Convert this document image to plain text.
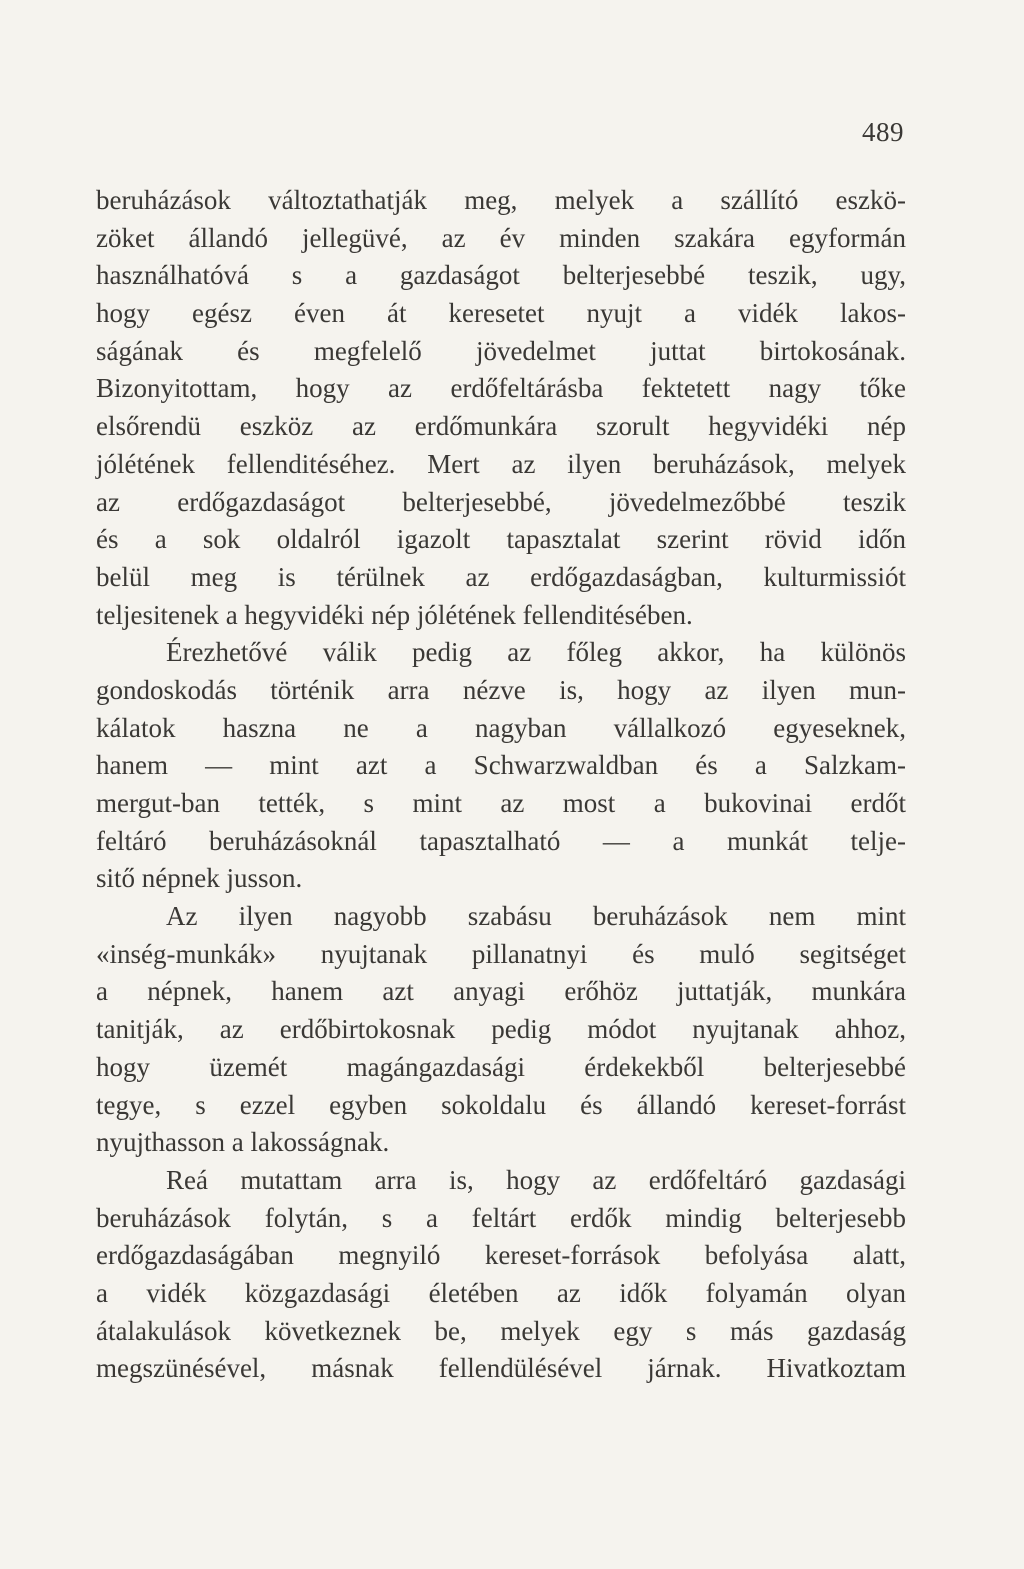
489
beruházások változtathatják meg, melyek a szállító eszkö-
zöket állandó jellegüvé, az év minden szakára egyformán
használhatóvá s a gazdaságot belterjesebbé teszik, ugy,
hogy egész éven át keresetet nyujt a vidék lakos-
ságának és megfelelő jövedelmet juttat birtokosának.
Bizonyitottam, hogy az erdőfeltárásba fektetett nagy tőke
elsőrendü eszköz az erdőmunkára szorult hegyvidéki nép
jólétének fellenditéséhez. Mert az ilyen beruházások, melyek
az erdőgazdaságot belterjesebbé, jövedelmezőbbé teszik
és a sok oldalról igazolt tapasztalat szerint rövid időn
belül meg is térülnek az erdőgazdaságban, kulturmissiót
teljesitenek a hegyvidéki nép jólétének fellenditésében.
Érezhetővé válik pedig az főleg akkor, ha különös
gondoskodás történik arra nézve is, hogy az ilyen mun-
kálatok haszna ne a nagyban vállalkozó egyeseknek,
hanem — mint azt a Schwarzwaldban és a Salzkam-
mergut-ban tették, s mint az most a bukovinai erdőt
feltáró beruházásoknál tapasztalható — a munkát telje-
sitő népnek jusson.
Az ilyen nagyobb szabásu beruházások nem mint
«inség-munkák» nyujtanak pillanatnyi és muló segitséget
a népnek, hanem azt anyagi erőhöz juttatják, munkára
tanitják, az erdőbirtokosnak pedig módot nyujtanak ahhoz,
hogy üzemét magángazdasági érdekekből belterjesebbé
tegye, s ezzel egyben sokoldalu és állandó kereset-forrást
nyujthasson a lakosságnak.
Reá mutattam arra is, hogy az erdőfeltáró gazdasági
beruházások folytán, s a feltárt erdők mindig belterjesebb
erdőgazdaságában megnyiló kereset-források befolyása alatt,
a vidék közgazdasági életében az idők folyamán olyan
átalakulások következnek be, melyek egy s más gazdaság
megszünésével, másnak fellendülésével járnak. Hivatkoztam
